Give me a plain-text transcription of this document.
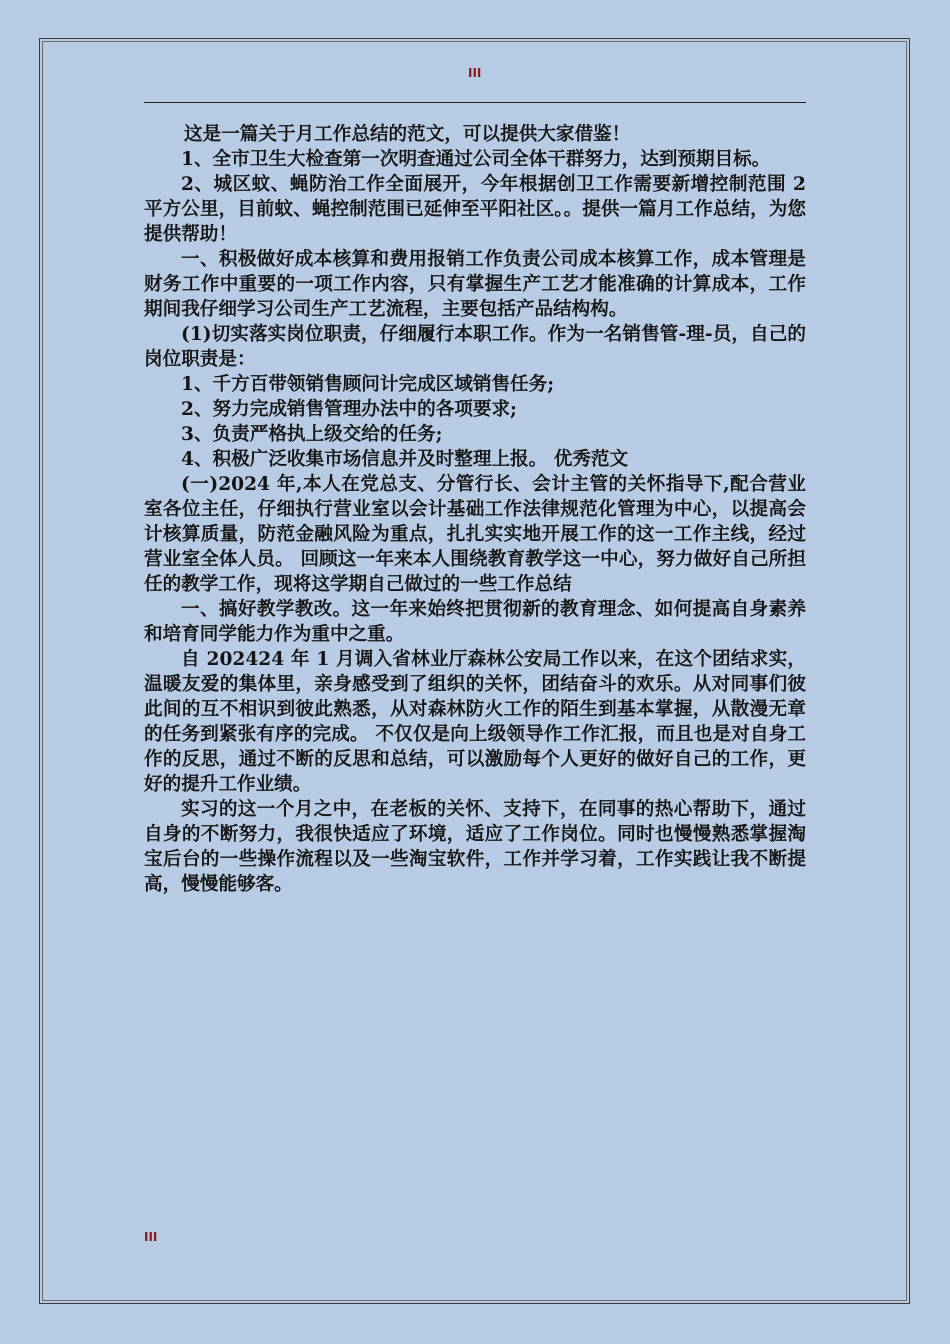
III

这是一篇关于月工作总结的范文，可以提供大家借鉴！

1、全市卫生大检查第一次明查通过公司全体干群努力，达到预期目标。

2、城区蚊、蝇防治工作全面展开，今年根据创卫工作需要新增控制范围 2 平方公里，目前蚊、蝇控制范围已延伸至平阳社区。。提供一篇月工作总结，为您提供帮助！

一、积极做好成本核算和费用报销工作负责公司成本核算工作，成本管理是财务工作中重要的一项工作内容，只有掌握生产工艺才能准确的计算成本，工作期间我仔细学习公司生产工艺流程，主要包括产品结构构。

(1)切实落实岗位职责，仔细履行本职工作。作为一名销售管-理-员，自己的岗位职责是：

1、千方百带领销售顾问计完成区域销售任务;

2、努力完成销售管理办法中的各项要求;

3、负责严格执上级交给的任务;

4、积极广泛收集市场信息并及时整理上报。 优秀范文

(一)2024 年,本人在党总支、分管行长、会计主管的关怀指导下,配合营业室各位主任，仔细执行营业室以会计基础工作法律规范化管理为中心，以提高会计核算质量，防范金融风险为重点，扎扎实实地开展工作的这一工作主线，经过营业室全体人员。 回顾这一年来本人围绕教育教学这一中心，努力做好自己所担任的教学工作，现将这学期自己做过的一些工作总结

一、搞好教学教改。这一年来始终把贯彻新的教育理念、如何提高自身素养和培育同学能力作为重中之重。

自 202424 年 1 月调入省林业厅森林公安局工作以来，在这个团结求实，温暖友爱的集体里，亲身感受到了组织的关怀，团结奋斗的欢乐。从对同事们彼此间的互不相识到彼此熟悉，从对森林防火工作的陌生到基本掌握，从散漫无章的任务到紧张有序的完成。 不仅仅是向上级领导作工作汇报，而且也是对自身工作的反思，通过不断的反思和总结，可以激励每个人更好的做好自己的工作，更好的提升工作业绩。

实习的这一个月之中，在老板的关怀、支持下，在同事的热心帮助下，通过自身的不断努力，我很快适应了环境，适应了工作岗位。同时也慢慢熟悉掌握淘宝后台的一些操作流程以及一些淘宝软件，工作并学习着，工作实践让我不断提高，慢慢能够客。

III
